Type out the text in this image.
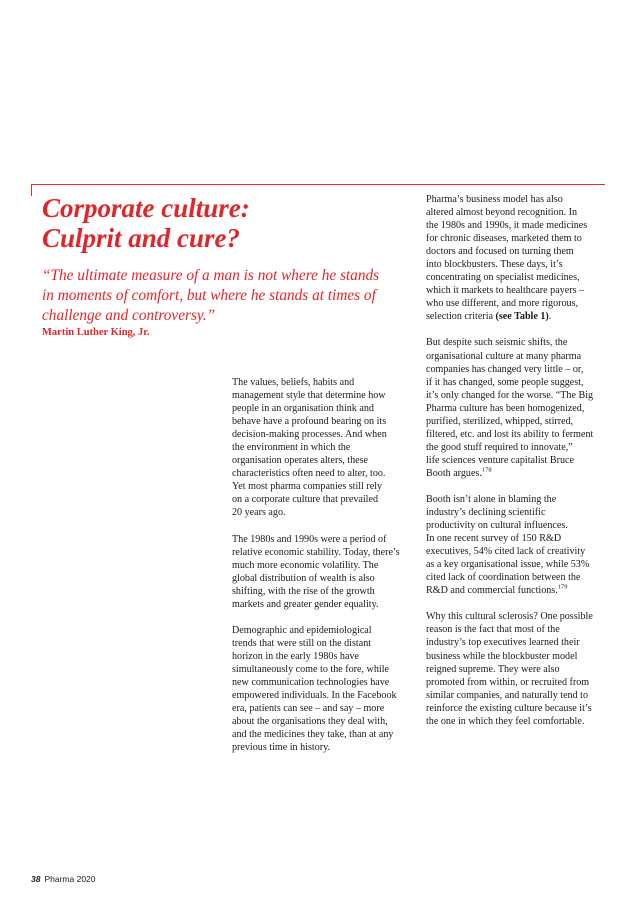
Corporate culture:
Culprit and cure?

“The ultimate measure of a man is not where he stands
in moments of comfort, but where he stands at times of
challenge and controversy.”

Martin Luther King, Jr.

The values, beliefs, habits and
management style that determine how
people in an organisation think and
behave have a profound bearing on its
decision-making processes. And when
the environment in which the
organisation operates alters, these
characteristics often need to alter, too.
Yet most pharma companies still rely
on a corporate culture that prevailed
20 years ago.

The 1980s and 1990s were a period of
relative economic stability. Today, there’s
much more economic volatility. The
global distribution of wealth is also
shifting, with the rise of the growth
markets and greater gender equality.

Demographic and epidemiological
trends that were still on the distant
horizon in the early 1980s have
simultaneously come to the fore, while
new communication technologies have
empowered individuals. In the Facebook
era, patients can see – and say – more
about the organisations they deal with,
and the medicines they take, than at any
previous time in history.

Pharma’s business model has also
altered almost beyond recognition. In
the 1980s and 1990s, it made medicines
for chronic diseases, marketed them to
doctors and focused on turning them
into blockbusters. These days, it’s
concentrating on specialist medicines,
which it markets to healthcare payers –
who use different, and more rigorous,
selection criteria (see Table 1).

But despite such seismic shifts, the
organisational culture at many pharma
companies has changed very little – or,
if it has changed, some people suggest,
it’s only changed for the worse. “The Big
Pharma culture has been homogenized,
purified, sterilized, whipped, stirred,
filtered, etc. and lost its ability to ferment
the good stuff required to innovate,”
life sciences venture capitalist Bruce
Booth argues.$^{178}$

Booth isn’t alone in blaming the
industry’s declining scientific
productivity on cultural influences.
In one recent survey of 150 R&D
executives, 54% cited lack of creativity
as a key organisational issue, while 53%
cited lack of coordination between the
R&D and commercial functions.$^{179}$

Why this cultural sclerosis? One possible
reason is the fact that most of the
industry’s top executives learned their
business while the blockbuster model
reigned supreme. They were also
promoted from within, or recruited from
similar companies, and naturally tend to
reinforce the existing culture because it’s
the one in which they feel comfortable.

38 Pharma 2020
